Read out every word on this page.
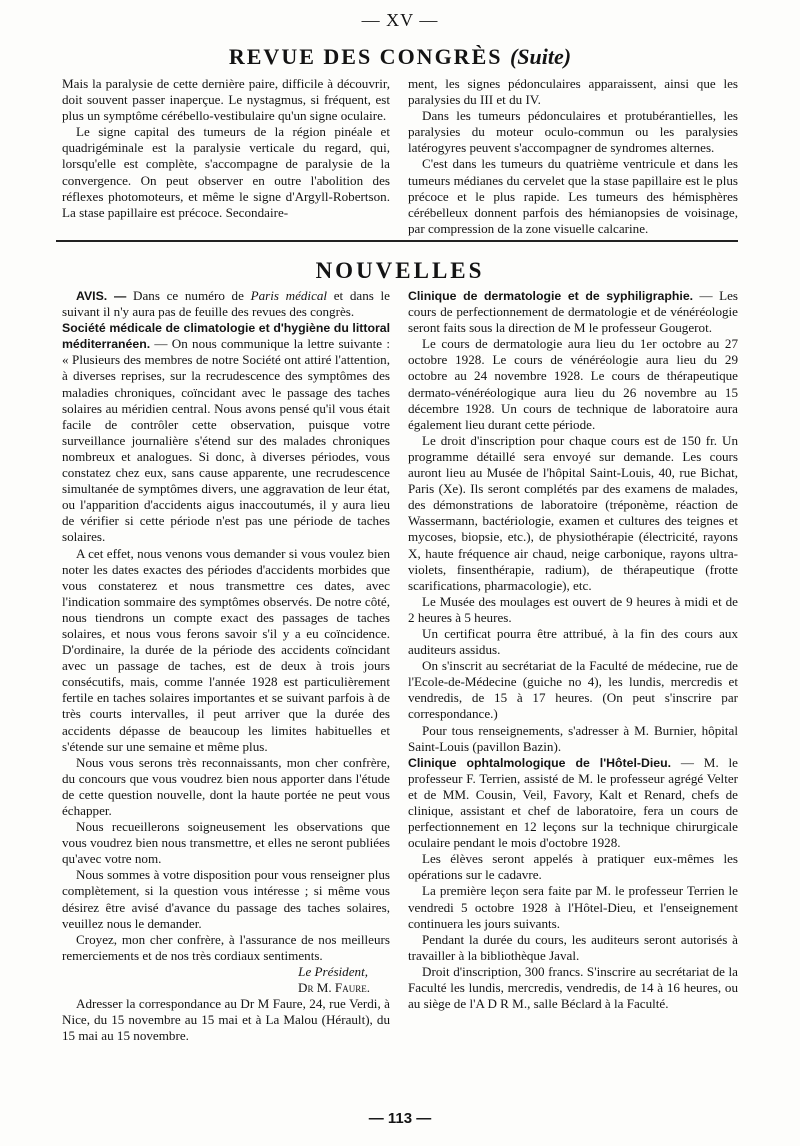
— XV —
REVUE DES CONGRÈS (Suite)

Mais la paralysie de cette dernière paire, difficile à découvrir, doit souvent passer inaperçue. Le nystagmus, si fréquent, est plus un symptôme cérébello-vestibulaire qu'un signe oculaire.

Le signe capital des tumeurs de la région pinéale et quadrigéminale est la paralysie verticale du regard, qui, lorsqu'elle est complète, s'accompagne de paralysie de la convergence. On peut observer en outre l'abolition des réflexes photomoteurs, et même le signe d'Argyll-Robertson. La stase papillaire est précoce. Secondaire-

ment, les signes pédonculaires apparaissent, ainsi que les paralysies du III et du IV.

Dans les tumeurs pédonculaires et protubérantielles, les paralysies du moteur oculo-commun ou les paralysies latérogyres peuvent s'accompagner de syndromes alternes.

C'est dans les tumeurs du quatrième ventricule et dans les tumeurs médianes du cervelet que la stase papillaire est le plus précoce et le plus rapide. Les tumeurs des hémisphères cérébelleux donnent parfois des hémianopsies de voisinage, par compression de la zone visuelle calcarine.

NOUVELLES

AVIS. — Dans ce numéro de Paris médical et dans le suivant il n'y aura pas de feuille des revues des congrès.

Société médicale de climatologie et d'hygiène du littoral méditerranéen. — On nous communique la lettre suivante : « Plusieurs des membres de notre Société ont attiré l'attention, à diverses reprises, sur la recrudescence des symptômes des maladies chroniques, coïncidant avec le passage des taches solaires au méridien central. Nous avons pensé qu'il vous était facile de contrôler cette observation, puisque votre surveillance journalière s'étend sur des malades chroniques nombreux et analogues. Si donc, à diverses périodes, vous constatez chez eux, sans cause apparente, une recrudescence simultanée de symptômes divers, une aggravation de leur état, ou l'apparition d'accidents aigus inaccoutumés, il y aura lieu de vérifier si cette période n'est pas une période de taches solaires.

A cet effet, nous venons vous demander si vous voulez bien noter les dates exactes des périodes d'accidents morbides que vous constaterez et nous transmettre ces dates, avec l'indication sommaire des symptômes observés. De notre côté, nous tiendrons un compte exact des passages de taches solaires, et nous vous ferons savoir s'il y a eu coïncidence. D'ordinaire, la durée de la période des accidents coïncidant avec un passage de taches, est de deux à trois jours consécutifs, mais, comme l'année 1928 est particulièrement fertile en taches solaires importantes et se suivant parfois à de très courts intervalles, il peut arriver que la durée des accidents dépasse de beaucoup les limites habituelles et s'étende sur une semaine et même plus.

Nous vous serons très reconnaissants, mon cher confrère, du concours que vous voudrez bien nous apporter dans l'étude de cette question nouvelle, dont la haute portée ne peut vous échapper.

Nous recueillerons soigneusement les observations que vous voudrez bien nous transmettre, et elles ne seront publiées qu'avec votre nom.

Nous sommes à votre disposition pour vous renseigner plus complètement, si la question vous intéresse ; si même vous désirez être avisé d'avance du passage des taches solaires, veuillez nous le demander.

Croyez, mon cher confrère, à l'assurance de nos meilleurs remerciements et de nos très cordiaux sentiments.

Le Président,

Dr M. Faure.

Adresser la correspondance au Dr M Faure, 24, rue Verdi, à Nice, du 15 novembre au 15 mai et à La Malou (Hérault), du 15 mai au 15 novembre.

Clinique de dermatologie et de syphiligraphie. — Les cours de perfectionnement de dermatologie et de vénéréologie seront faits sous la direction de M le professeur Gougerot.

Le cours de dermatologie aura lieu du 1er octobre au 27 octobre 1928. Le cours de vénéréologie aura lieu du 29 octobre au 24 novembre 1928. Le cours de thérapeutique dermato-vénéréologique aura lieu du 26 novembre au 15 décembre 1928. Un cours de technique de laboratoire aura également lieu durant cette période.

Le droit d'inscription pour chaque cours est de 150 fr. Un programme détaillé sera envoyé sur demande. Les cours auront lieu au Musée de l'hôpital Saint-Louis, 40, rue Bichat, Paris (Xe). Ils seront complétés par des examens de malades, des démonstrations de laboratoire (tréponème, réaction de Wassermann, bactériologie, examen et cultures des teignes et mycoses, biopsie, etc.), de physiothérapie (électricité, rayons X, haute fréquence air chaud, neige carbonique, rayons ultra-violets, finsenthérapie, radium), de thérapeutique (frotte scarifications, pharmacologie), etc.

Le Musée des moulages est ouvert de 9 heures à midi et de 2 heures à 5 heures.

Un certificat pourra être attribué, à la fin des cours aux auditeurs assidus.

On s'inscrit au secrétariat de la Faculté de médecine, rue de l'Ecole-de-Médecine (guiche no 4), les lundis, mercredis et vendredis, de 15 à 17 heures. (On peut s'inscrire par correspondance.)

Pour tous renseignements, s'adresser à M. Burnier, hôpital Saint-Louis (pavillon Bazin).

Clinique ophtalmologique de l'Hôtel-Dieu. — M. le professeur F. Terrien, assisté de M. le professeur agrégé Velter et de MM. Cousin, Veil, Favory, Kalt et Renard, chefs de clinique, assistant et chef de laboratoire, fera un cours de perfectionnement en 12 leçons sur la technique chirurgicale oculaire pendant le mois d'octobre 1928.

Les élèves seront appelés à pratiquer eux-mêmes les opérations sur le cadavre.

La première leçon sera faite par M. le professeur Terrien le vendredi 5 octobre 1928 à l'Hôtel-Dieu, et l'enseignement continuera les jours suivants.

Pendant la durée du cours, les auditeurs seront autorisés à travailler à la bibliothèque Javal.

Droit d'inscription, 300 francs. S'inscrire au secrétariat de la Faculté les lundis, mercredis, vendredis, de 14 à 16 heures, ou au siège de l'A D R M., salle Béclard à la Faculté.

— 113 —
